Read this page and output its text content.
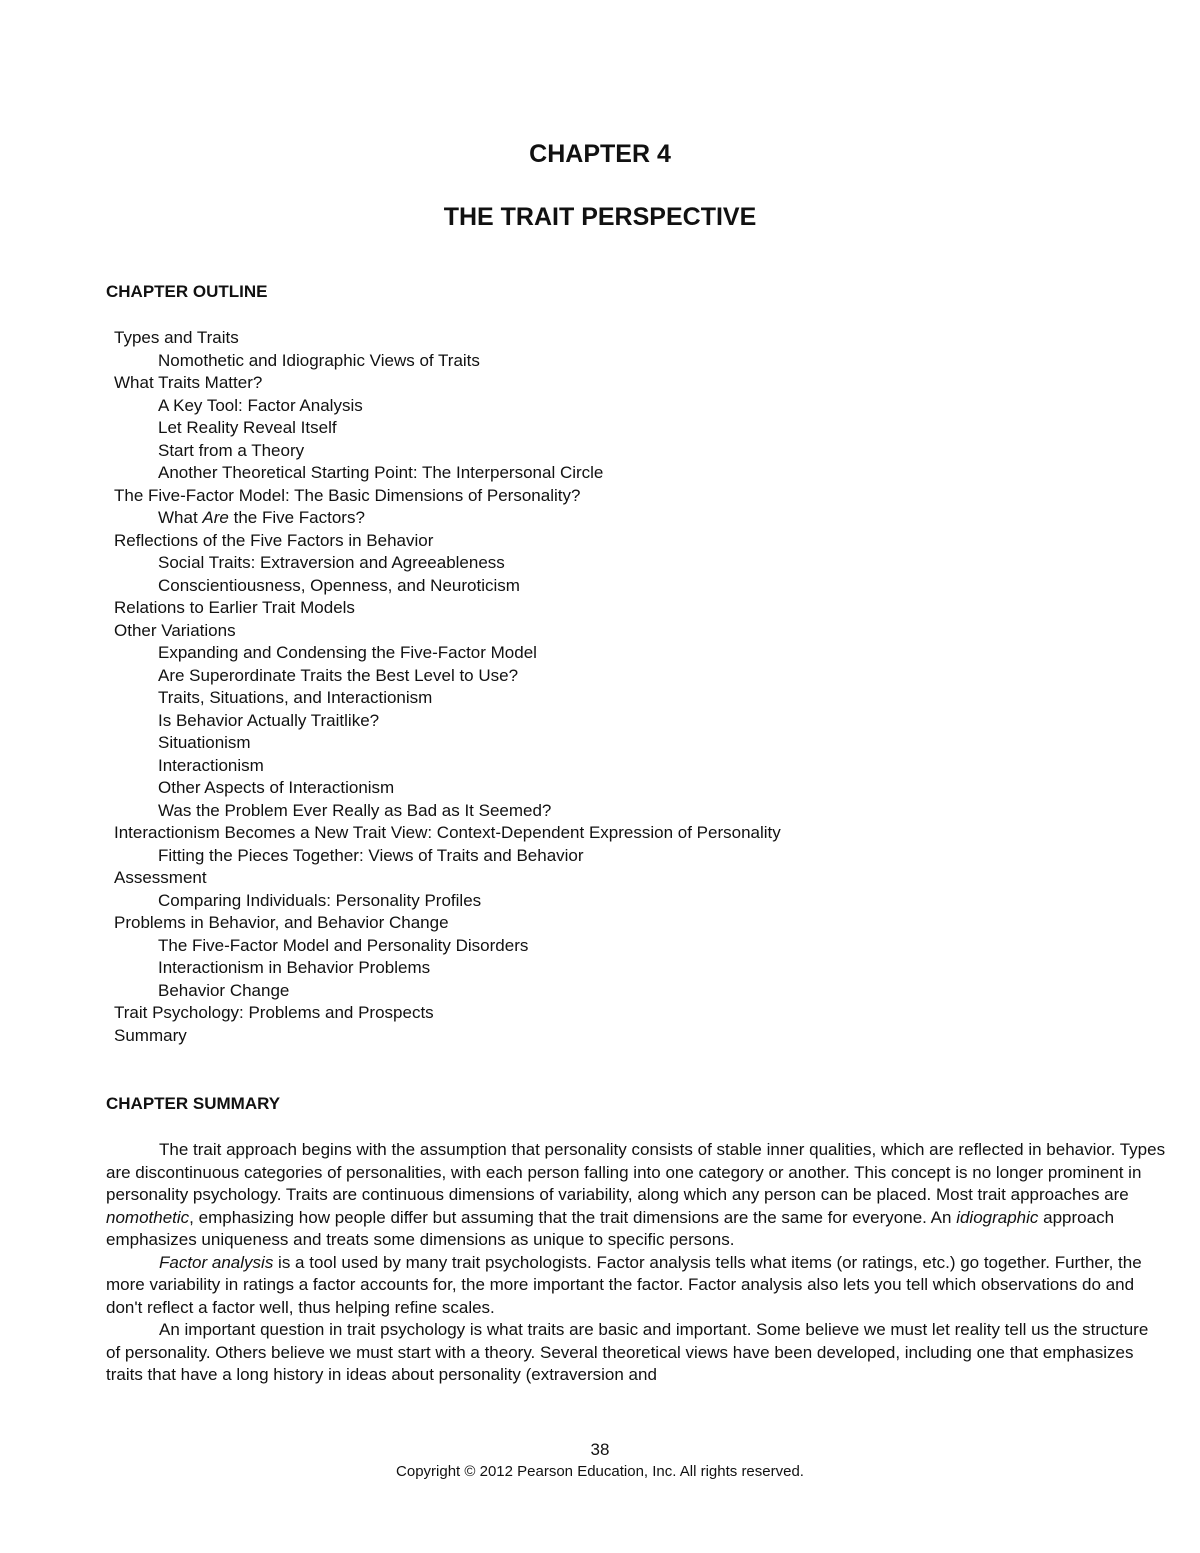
CHAPTER 4
THE TRAIT PERSPECTIVE
CHAPTER OUTLINE
Types and Traits
Nomothetic and Idiographic Views of Traits
What Traits Matter?
A Key Tool: Factor Analysis
Let Reality Reveal Itself
Start from a Theory
Another Theoretical Starting Point: The Interpersonal Circle
The Five-Factor Model: The Basic Dimensions of Personality?
What Are the Five Factors?
Reflections of the Five Factors in Behavior
Social Traits: Extraversion and Agreeableness
Conscientiousness, Openness, and Neuroticism
Relations to Earlier Trait Models
Other Variations
Expanding and Condensing the Five-Factor Model
Are Superordinate Traits the Best Level to Use?
Traits, Situations, and Interactionism
Is Behavior Actually Traitlike?
Situationism
Interactionism
Other Aspects of Interactionism
Was the Problem Ever Really as Bad as It Seemed?
Interactionism Becomes a New Trait View: Context-Dependent Expression of Personality
Fitting the Pieces Together: Views of Traits and Behavior
Assessment
Comparing Individuals: Personality Profiles
Problems in Behavior, and Behavior Change
The Five-Factor Model and Personality Disorders
Interactionism in Behavior Problems
Behavior Change
Trait Psychology: Problems and Prospects
Summary
CHAPTER SUMMARY

The trait approach begins with the assumption that personality consists of stable inner qualities, which are reflected in behavior. Types are discontinuous categories of personalities, with each person falling into one category or another. This concept is no longer prominent in personality psychology. Traits are continuous dimensions of variability, along which any person can be placed. Most trait approaches are nomothetic, emphasizing how people differ but assuming that the trait dimensions are the same for everyone. An idiographic approach emphasizes uniqueness and treats some dimensions as unique to specific persons.

Factor analysis is a tool used by many trait psychologists. Factor analysis tells what items (or ratings, etc.) go together. Further, the more variability in ratings a factor accounts for, the more important the factor. Factor analysis also lets you tell which observations do and don't reflect a factor well, thus helping refine scales.

An important question in trait psychology is what traits are basic and important. Some believe we must let reality tell us the structure of personality. Others believe we must start with a theory. Several theoretical views have been developed, including one that emphasizes traits that have a long history in ideas about personality (extraversion and

38
Copyright © 2012 Pearson Education, Inc. All rights reserved.
